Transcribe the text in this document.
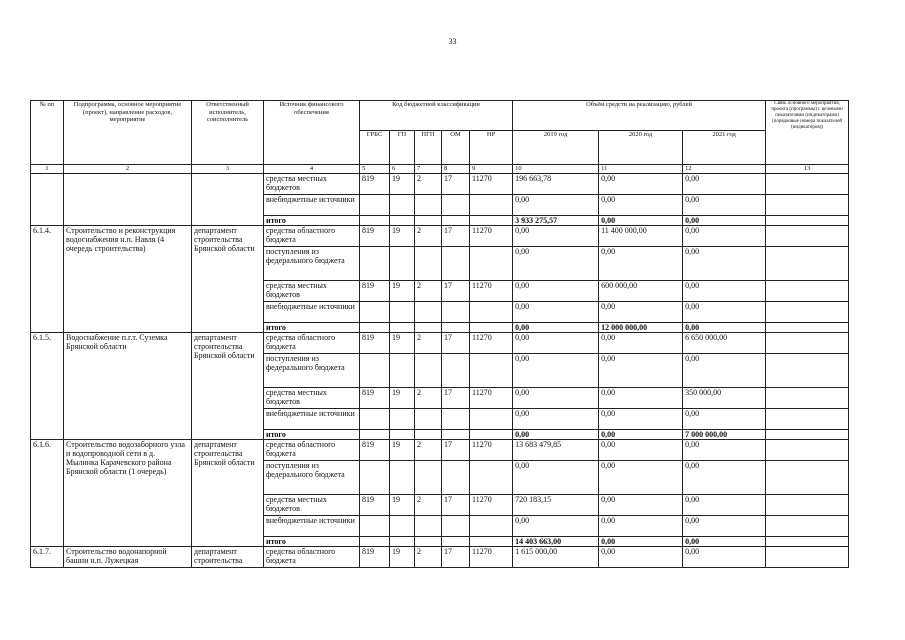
33
№ пп	Подпрограмма, основное мероприятие (проект), направление расходов, мероприятие	Ответственный исполнитель, соисполнитель	Источник финансового обеспечения	Код бюджетной классификации					Объём средств на реализацию, рублей			Связь основного мероприятия, проекта (программы) с целевыми показателями (индикаторами) (порядковые номера показателей (индикаторов))
				ГРБС	ГП	ПГП	ОМ	НР	2019 год	2020 год	2021 год	
1	2	3	4	5	6	7	8	9	10	11	12	13
			средства местных бюджетов	819	19	2	17	11270	196 663,78	0,00	0,00	
			внебюджетные источники						0,00	0,00	0,00	
			итого						3 933 275,57	0,00	0,00	
6.1.4.	Строительство и реконструкция водоснабжения н.п. Навля (4 очередь строительства)	департамент строительства Брянской области	средства областного бюджета	819	19	2	17	11270	0,00	11 400 000,00	0,00	
			поступления из федерального бюджета						0,00	0,00	0,00	
			средства местных бюджетов	819	19	2	17	11270	0,00	600 000,00	0,00	
			внебюджетные источники						0,00	0,00	0,00	
			итого						0,00	12 000 000,00	0,00	
6.1.5.	Водоснабжение п.г.т. Суземка Брянской области	департамент строительства Брянской области	средства областного бюджета	819	19	2	17	11270	0,00	0,00	6 650 000,00	
			поступления из федерального бюджета						0,00	0,00	0,00	
			средства местных бюджетов	819	19	2	17	11270	0,00	0,00	350 000,00	
			внебюджетные источники						0,00	0,00	0,00	
			итого						0,00	0,00	7 000 000,00	
6.1.6.	Строительство водозаборного узла и водопроводной сети в д. Мылинка Карачевского района Брянской области (1 очередь)	департамент строительства Брянской области	средства областного бюджета	819	19	2	17	11270	13 683 479,85	0,00	0,00	
			поступления из федерального бюджета						0,00	0,00	0,00	
			средства местных бюджетов	819	19	2	17	11270	720 183,15	0,00	0,00	
			внебюджетные источники						0,00	0,00	0,00	
			итого						14 403 663,00	0,00	0,00	
6.1.7.	Строительство водонапорной башни н.п. Лужецкая	департамент строительства	средства областного бюджета	819	19	2	17	11270	1 615 000,00	0,00	0,00	
